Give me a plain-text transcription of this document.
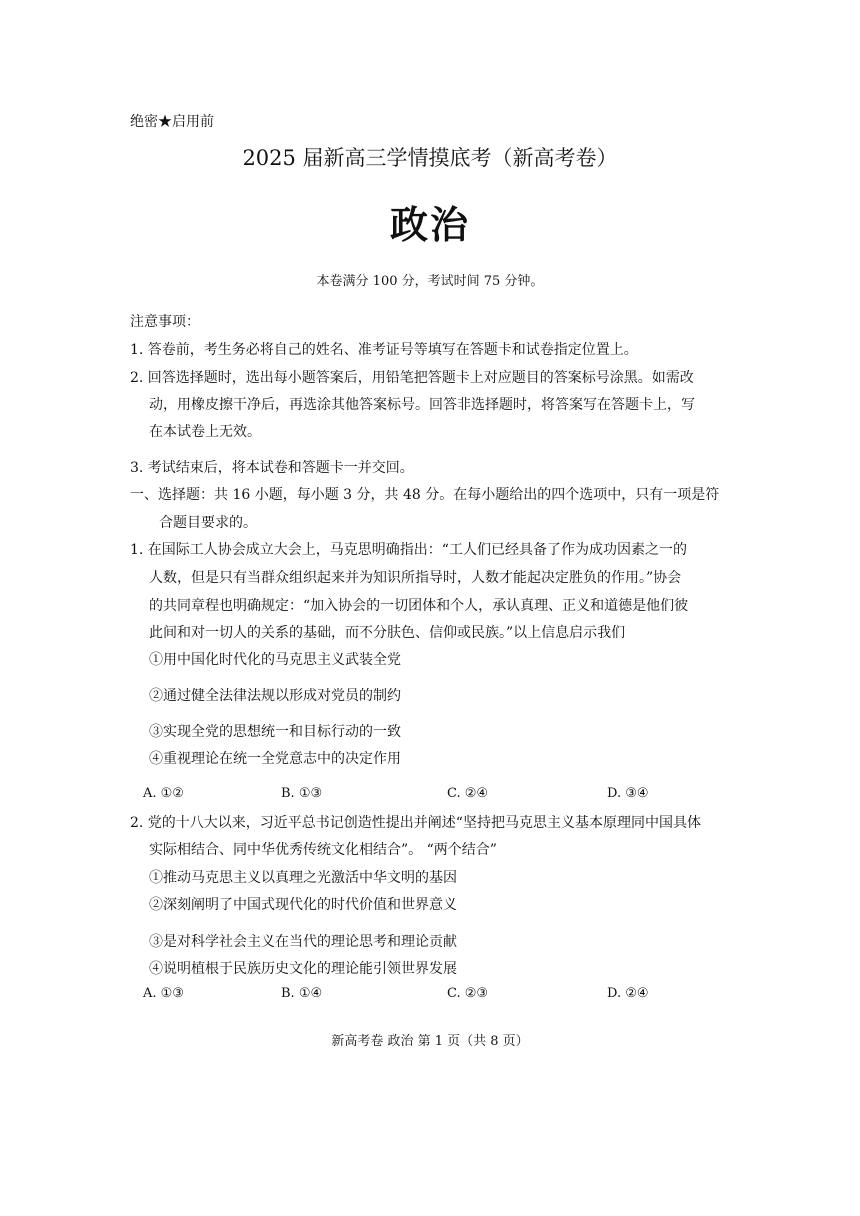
绝密★启用前
2025 届新高三学情摸底考（新高考卷）
政治
本卷满分 100 分，考试时间 75 分钟。
注意事项：
1. 答卷前，考生务必将自己的姓名、准考证号等填写在答题卡和试卷指定位置上。
2. 回答选择题时，选出每小题答案后，用铅笔把答题卡上对应题目的答案标号涂黑。如需改
动，用橡皮擦干净后，再选涂其他答案标号。回答非选择题时，将答案写在答题卡上，写
在本试卷上无效。
3. 考试结束后，将本试卷和答题卡一并交回。
一、选择题：共 16 小题，每小题 3 分，共 48 分。在每小题给出的四个选项中，只有一项是符
合题目要求的。
1. 在国际工人协会成立大会上，马克思明确指出：“工人们已经具备了作为成功因素之一的
人数，但是只有当群众组织起来并为知识所指导时，人数才能起决定胜负的作用。”协会
的共同章程也明确规定：“加入协会的一切团体和个人，承认真理、正义和道德是他们彼
此间和对一切人的关系的基础，而不分肤色、信仰或民族。”以上信息启示我们
①用中国化时代化的马克思主义武装全党
②通过健全法律法规以形成对党员的制约
③实现全党的思想统一和目标行动的一致
④重视理论在统一全党意志中的决定作用
A. ①②	B. ①③	C. ②④	D. ③④
2. 党的十八大以来，习近平总书记创造性提出并阐述“坚持把马克思主义基本原理同中国具体
实际相结合、同中华优秀传统文化相结合”。 “两个结合”
①推动马克思主义以真理之光激活中华文明的基因
②深刻阐明了中国式现代化的时代价值和世界意义
③是对科学社会主义在当代的理论思考和理论贡献
④说明植根于民族历史文化的理论能引领世界发展
A. ①③	B. ①④	C. ②③	D. ②④
新高考卷 政治 第 1 页（共 8 页）
